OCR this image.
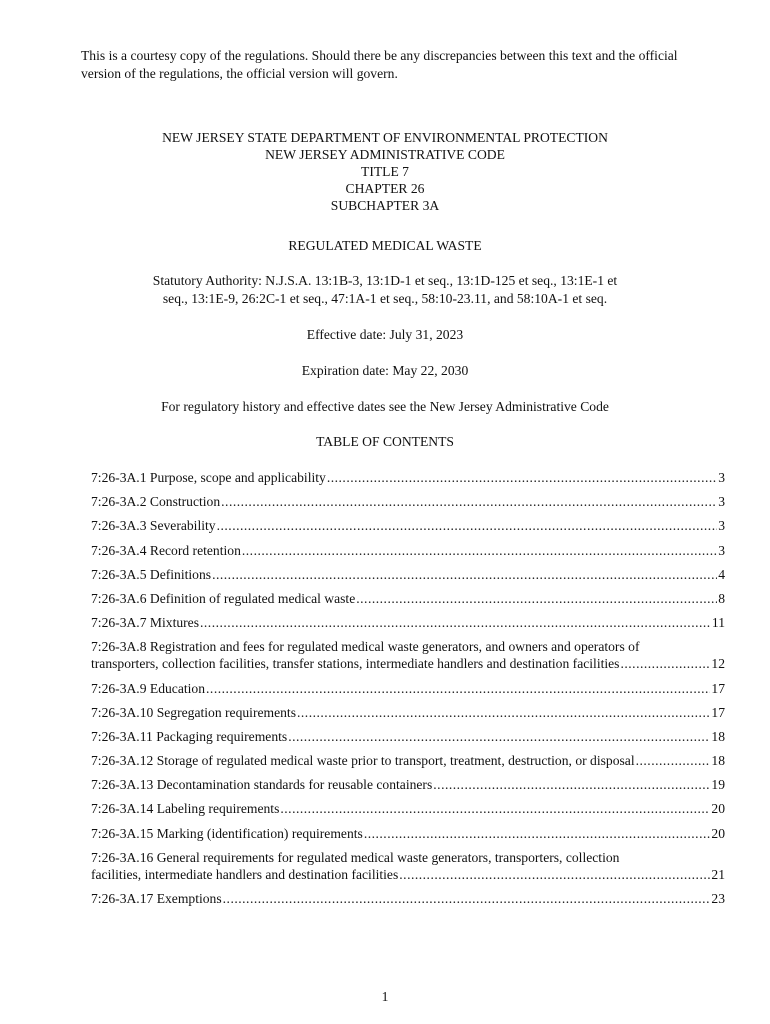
This is a courtesy copy of the regulations. Should there be any discrepancies between this text and the official version of the regulations, the official version will govern.
NEW JERSEY STATE DEPARTMENT OF ENVIRONMENTAL PROTECTION
NEW JERSEY ADMINISTRATIVE CODE
TITLE 7
CHAPTER 26
SUBCHAPTER 3A
REGULATED MEDICAL WASTE
Statutory Authority: N.J.S.A. 13:1B-3, 13:1D-1 et seq., 13:1D-125 et seq., 13:1E-1 et
seq., 13:1E-9, 26:2C-1 et seq., 47:1A-1 et seq., 58:10-23.11, and 58:10A-1 et seq.
Effective date: July 31, 2023
Expiration date: May 22, 2030
For regulatory history and effective dates see the New Jersey Administrative Code
TABLE OF CONTENTS
7:26-3A.1 Purpose, scope and applicability .....	3
7:26-3A.2 Construction .....	3
7:26-3A.3 Severability .....	3
7:26-3A.4 Record retention .....	3
7:26-3A.5 Definitions .....	4
7:26-3A.6 Definition of regulated medical waste .....	8
7:26-3A.7 Mixtures .....	11
7:26-3A.8 Registration and fees for regulated medical waste generators, and owners and operators of
transporters, collection facilities, transfer stations, intermediate handlers and destination facilities .....	12
7:26-3A.9 Education .....	17
7:26-3A.10 Segregation requirements .....	17
7:26-3A.11 Packaging requirements .....	18
7:26-3A.12 Storage of regulated medical waste prior to transport, treatment, destruction, or disposal .....	18
7:26-3A.13 Decontamination standards for reusable containers .....	19
7:26-3A.14 Labeling requirements .....	20
7:26-3A.15 Marking (identification) requirements .....	20
7:26-3A.16 General requirements for regulated medical waste generators, transporters, collection
facilities, intermediate handlers and destination facilities .....	21
7:26-3A.17 Exemptions .....	23
1
